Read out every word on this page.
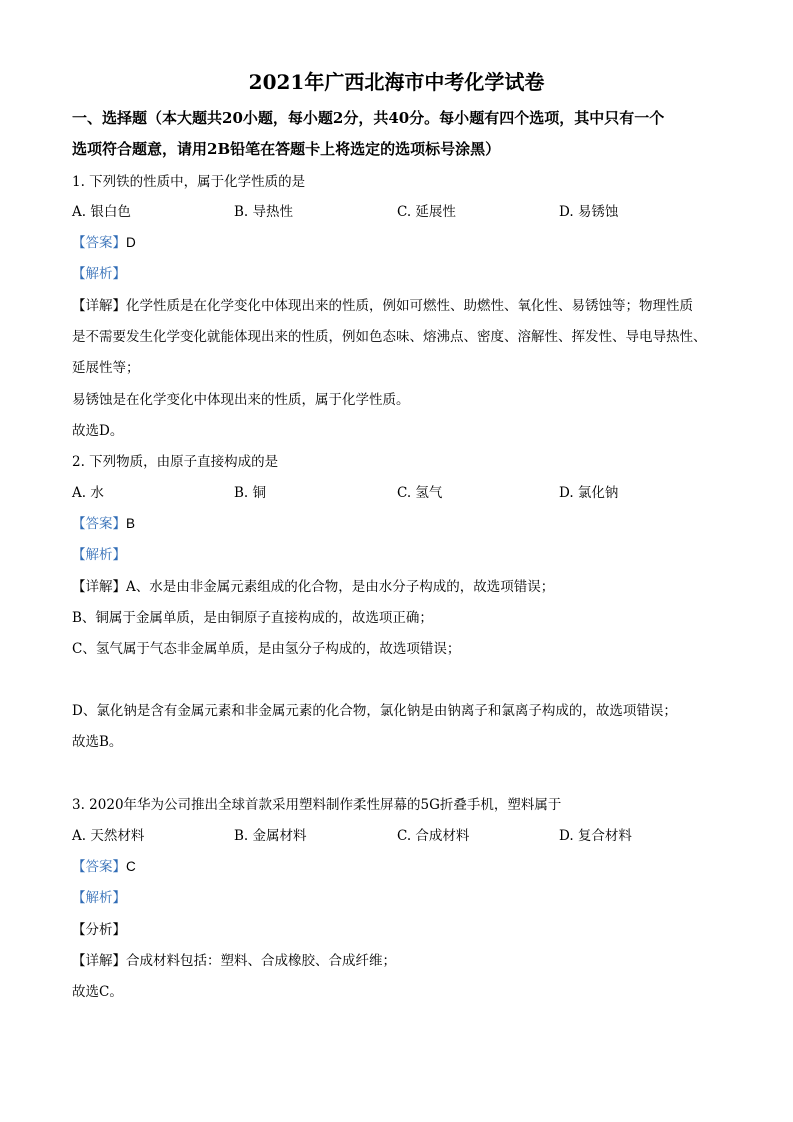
2021年广西北海市中考化学试卷
一、选择题（本大题共20小题，每小题2分，共40分。每小题有四个选项，其中只有一个
选项符合题意，请用2B铅笔在答题卡上将选定的选项标号涂黑）
1. 下列铁的性质中，属于化学性质的是
A. 银白色	B. 导热性	C. 延展性	D. 易锈蚀
【答案】D
【解析】
【详解】化学性质是在化学变化中体现出来的性质，例如可燃性、助燃性、氧化性、易锈蚀等；物理性质
是不需要发生化学变化就能体现出来的性质，例如色态味、熔沸点、密度、溶解性、挥发性、导电导热性、
延展性等；
易锈蚀是在化学变化中体现出来的性质，属于化学性质。
故选D。
2. 下列物质，由原子直接构成的是
A. 水	B. 铜	C. 氢气	D. 氯化钠
【答案】B
【解析】
【详解】A、水是由非金属元素组成的化合物，是由水分子构成的，故选项错误；
B、铜属于金属单质，是由铜原子直接构成的，故选项正确；
C、氢气属于气态非金属单质，是由氢分子构成的，故选项错误；
D、氯化钠是含有金属元素和非金属元素的化合物，氯化钠是由钠离子和氯离子构成的，故选项错误；
故选B。
3. 2020年华为公司推出全球首款采用塑料制作柔性屏幕的5G折叠手机，塑料属于
A. 天然材料	B. 金属材料	C. 合成材料	D. 复合材料
【答案】C
【解析】
【分析】
【详解】合成材料包括：塑料、合成橡胶、合成纤维；
故选C。
